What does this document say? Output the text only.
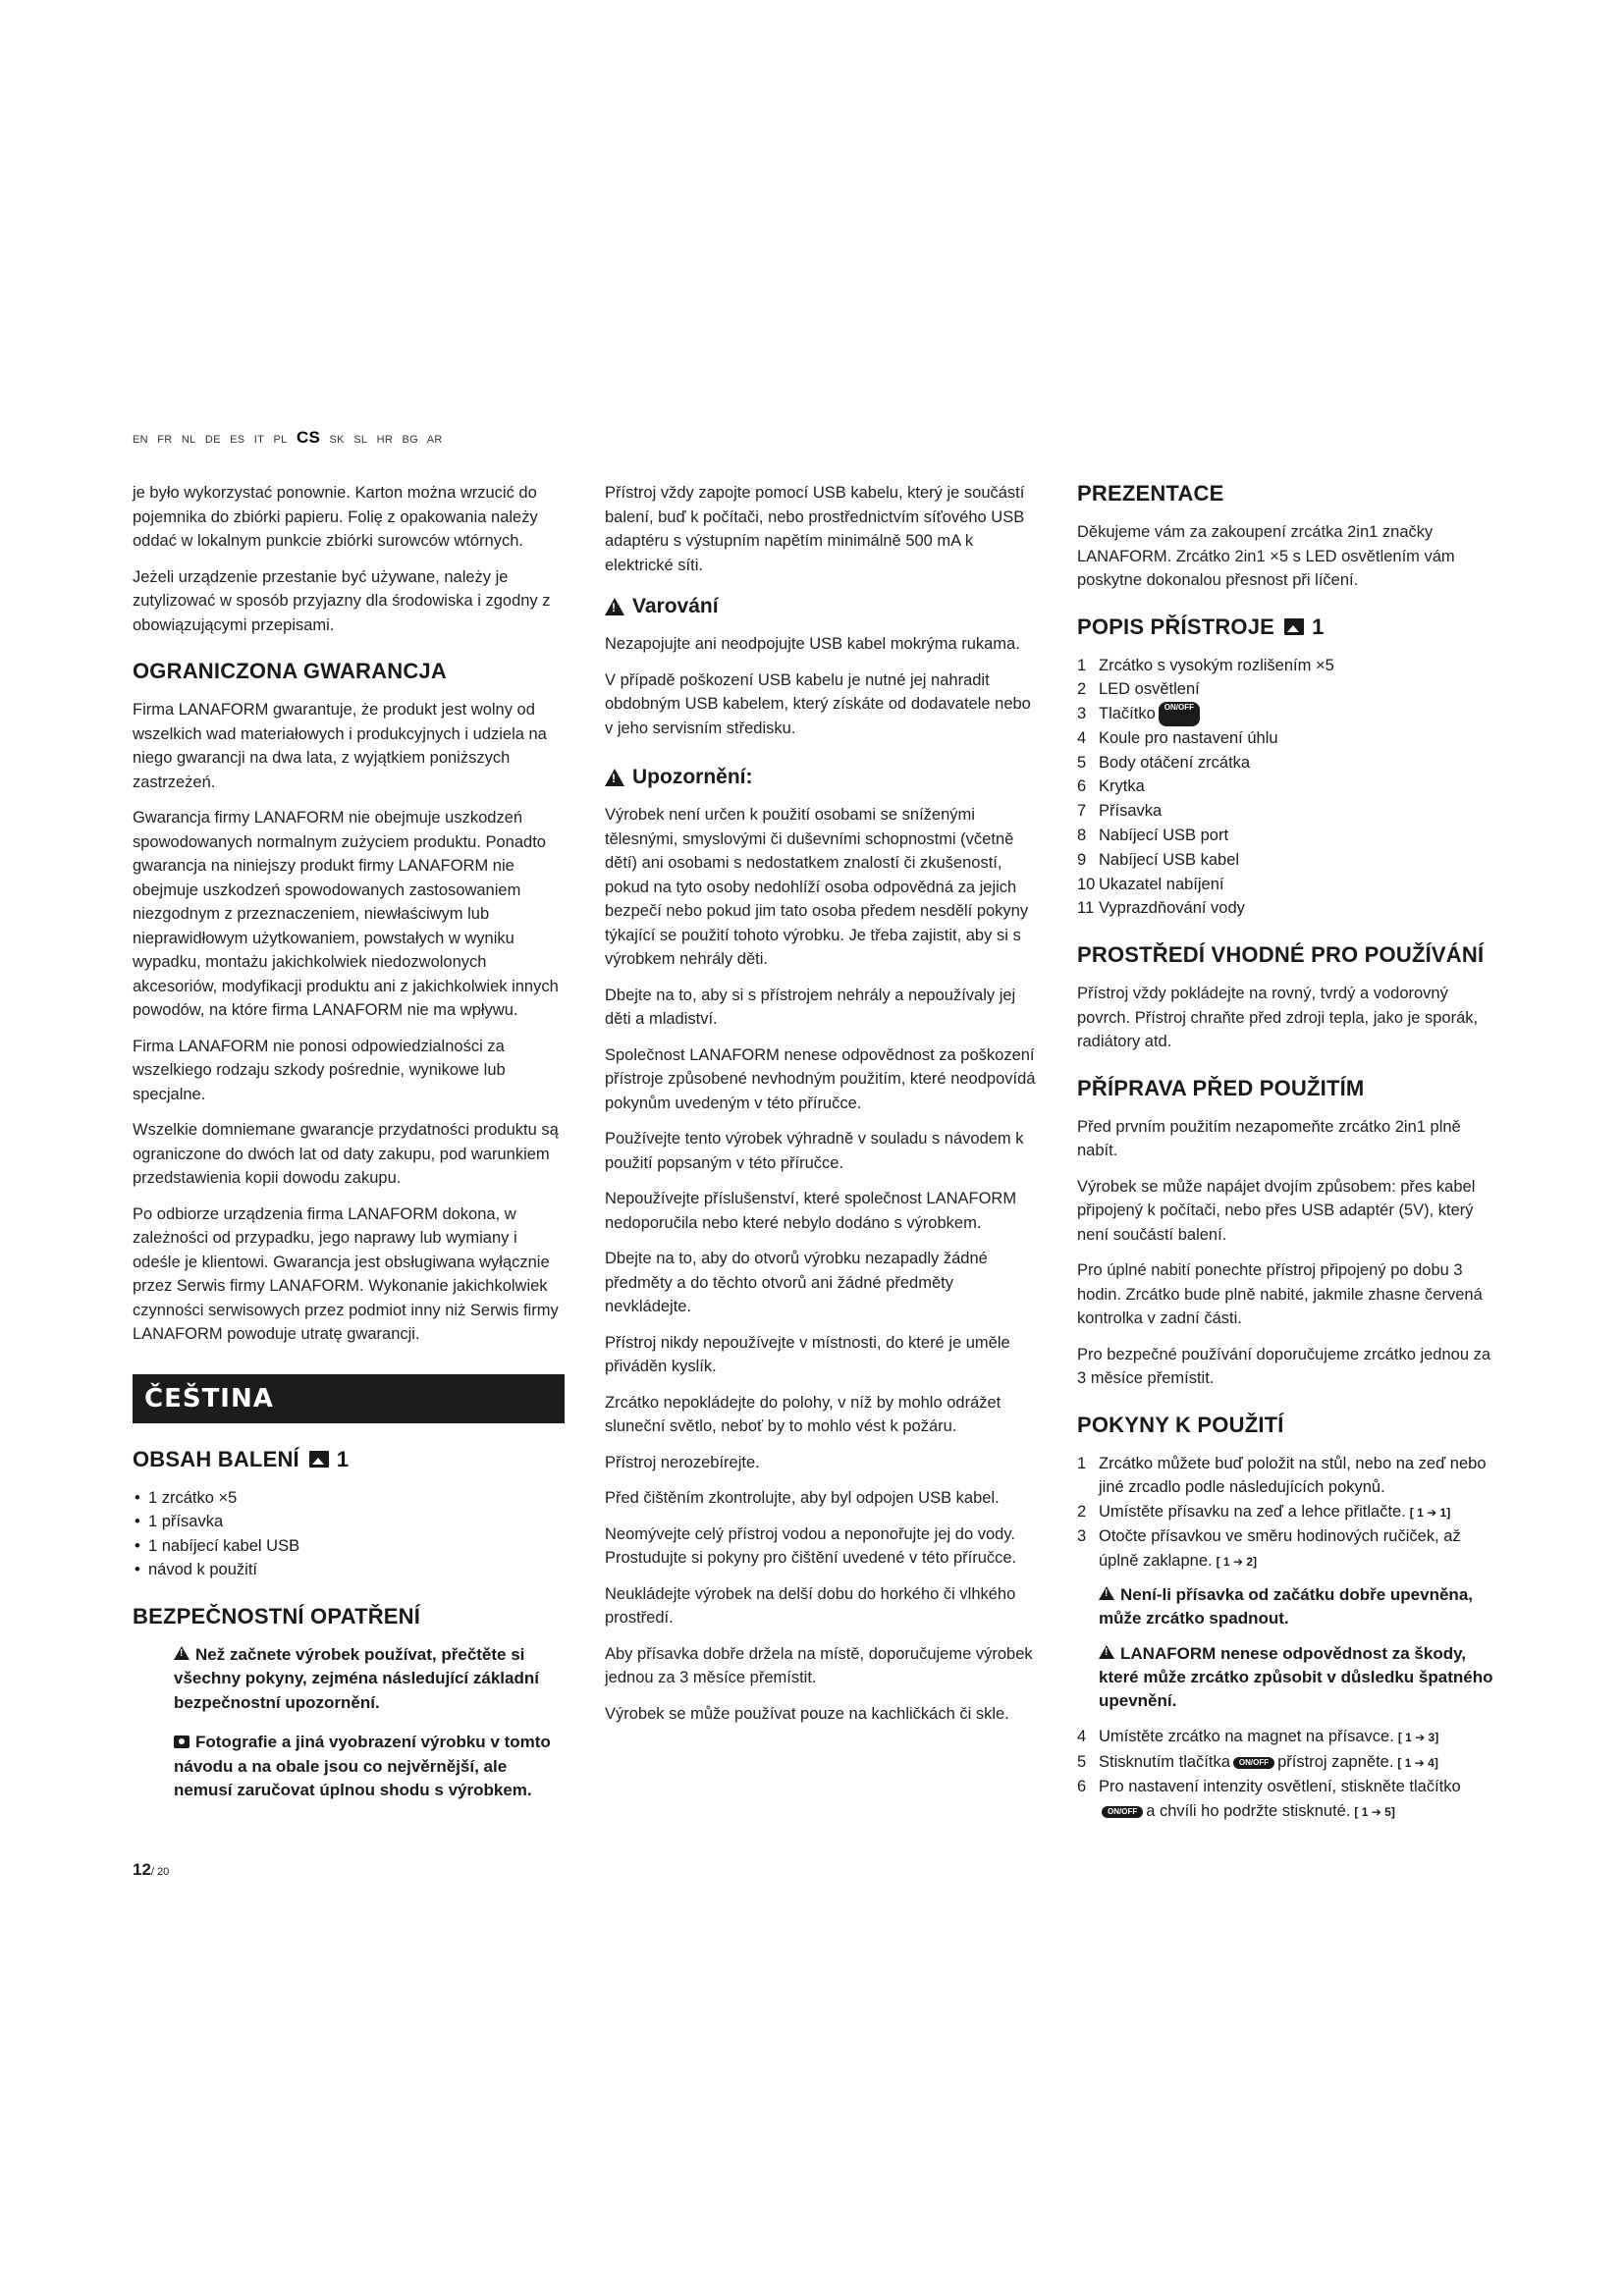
EN FR NL DE ES IT PL CS SK SL HR BG AR

je było wykorzystać ponownie. Karton można wrzucić do pojemnika do zbiórki papieru. Folię z opakowania należy oddać w lokalnym punkcie zbiórki surowców wtórnych.

Jeżeli urządzenie przestanie być używane, należy je zutylizować w sposób przyjazny dla środowiska i zgodny z obowiązującymi przepisami.

OGRANICZONA GWARANCJA

Firma LANAFORM gwarantuje, że produkt jest wolny od wszelkich wad materiałowych i produkcyjnych i udziela na niego gwarancji na dwa lata, z wyjątkiem poniższych zastrzeżeń.

Gwarancja firmy LANAFORM nie obejmuje uszkodzeń spowodowanych normalnym zużyciem produktu. Ponadto gwarancja na niniejszy produkt firmy LANAFORM nie obejmuje uszkodzeń spowodowanych zastosowaniem niezgodnym z przeznaczeniem, niewłaściwym lub nieprawidłowym użytkowaniem, powstałych w wyniku wypadku, montażu jakichkolwiek niedozwolonych akcesoriów, modyfikacji produktu ani z jakichkolwiek innych powodów, na które firma LANAFORM nie ma wpływu.

Firma LANAFORM nie ponosi odpowiedzialności za wszelkiego rodzaju szkody pośrednie, wynikowe lub specjalne.

Wszelkie domniemane gwarancje przydatności produktu są ograniczone do dwóch lat od daty zakupu, pod warunkiem przedstawienia kopii dowodu zakupu.

Po odbiorze urządzenia firma LANAFORM dokona, w zależności od przypadku, jego naprawy lub wymiany i odeśle je klientowi. Gwarancja jest obsługiwana wyłącznie przez Serwis firmy LANAFORM. Wykonanie jakichkolwiek czynności serwisowych przez podmiot inny niż Serwis firmy LANAFORM powoduje utratę gwarancji.

ČEŠTINA
OBSAH BALENÍ 1
• 1 zrcátko ×5
• 1 přísavka
• 1 nabíjecí kabel USB
• návod k použití
BEZPEČNOSTNÍ OPATŘENÍ
!Než začnete výrobek používat, přečtěte si všechny pokyny, zejména následující základní bezpečnostní upozornění.
Fotografie a jiná vyobrazení výrobku v tomto návodu a na obale jsou co nejvěrnější, ale nemusí zaručovat úplnou shodu s výrobkem.

Přístroj vždy zapojte pomocí USB kabelu, který je součástí balení, buď k počítači, nebo prostřednictvím síťového USB adaptéru s výstupním napětím minimálně 500 mA k elektrické síti.

!
Varování

Nezapojujte ani neodpojujte USB kabel mokrýma rukama.

V případě poškození USB kabelu je nutné jej nahradit obdobným USB kabelem, který získáte od dodavatele nebo v jeho servisním středisku.

!
Upozornění:

Výrobek není určen k použití osobami se sníženými tělesnými, smyslovými či duševními schopnostmi (včetně dětí) ani osobami s nedostatkem znalostí či zkušeností, pokud na tyto osoby nedohlíží osoba odpovědná za jejich bezpečí nebo pokud jim tato osoba předem nesdělí pokyny týkající se použití tohoto výrobku. Je třeba zajistit, aby si s výrobkem nehrály děti.

Dbejte na to, aby si s přístrojem nehrály a nepoužívaly jej děti a mladiství.

Společnost LANAFORM nenese odpovědnost za poškození přístroje způsobené nevhodným použitím, které neodpovídá pokynům uvedeným v této příručce.

Používejte tento výrobek výhradně v souladu s návodem k použití popsaným v této příručce.

Nepoužívejte příslušenství, které společnost LANAFORM nedoporučila nebo které nebylo dodáno s výrobkem.

Dbejte na to, aby do otvorů výrobku nezapadly žádné předměty a do těchto otvorů ani žádné předměty nevkládejte.

Přístroj nikdy nepoužívejte v místnosti, do které je uměle přiváděn kyslík.

Zrcátko nepokládejte do polohy, v níž by mohlo odrážet sluneční světlo, neboť by to mohlo vést k požáru.

Přístroj nerozebírejte.

Před čištěním zkontrolujte, aby byl odpojen USB kabel.

Neomývejte celý přístroj vodou a neponořujte jej do vody. Prostudujte si pokyny pro čištění uvedené v této příručce.

Neukládejte výrobek na delší dobu do horkého či vlhkého prostředí.

Aby přísavka dobře držela na místě, doporučujeme výrobek jednou za 3 měsíce přemístit.

Výrobek se může používat pouze na kachličkách či skle.

PREZENTACE

Děkujeme vám za zakoupení zrcátka 2in1 značky LANAFORM. Zrcátko 2in1 ×5 s LED osvětlením vám poskytne dokonalou přesnost při líčení.

POPIS PŘÍSTROJE 1
1 Zrcátko s vysokým rozlišením ×5
2 LED osvětlení
3 Tlačítko	ON/OFF
4 Koule pro nastavení úhlu
5 Body otáčení zrcátka
6 Krytka
7 Přísavka
8 Nabíjecí USB port
9 Nabíjecí USB kabel
10 Ukazatel nabíjení
11 Vyprazdňování vody
PROSTŘEDÍ VHODNÉ PRO POUŽÍVÁNÍ

Přístroj vždy pokládejte na rovný, tvrdý a vodorovný povrch. Přístroj chraňte před zdroji tepla, jako je sporák, radiátory atd.

PŘÍPRAVA PŘED POUŽITÍM

Před prvním použitím nezapomeňte zrcátko 2in1 plně nabít.

Výrobek se může napájet dvojím způsobem: přes kabel připojený k počítači, nebo přes USB adaptér (5V), který není součástí balení.

Pro úplné nabití ponechte přístroj připojený po dobu 3 hodin. Zrcátko bude plně nabité, jakmile zhasne červená kontrolka v zadní části.

Pro bezpečné používání doporučujeme zrcátko jednou za 3 měsíce přemístit.

POKYNY K POUŽITÍ
1 Zrcátko můžete buď položit na stůl, nebo na zeď nebo jiné zrcadlo podle následujících pokynů.
2 Umístěte přísavku na zeď a lehce přitlačte. [ 1 ➔ 1]
3 Otočte přísavkou ve směru hodinových ručiček, až úplně zaklapne. [ 1 ➔ 2]
!Není-li přísavka od začátku dobře upevněna, může zrcátko spadnout.
!LANAFORM nenese odpovědnost za škody, které může zrcátko způsobit v důsledku špatného upevnění.
4 Umístěte zrcátko na magnet na přísavce. [ 1 ➔ 3]
5 Stisknutím tlačítka ON/OFF přístroj zapněte. [ 1 ➔ 4]
6 Pro nastavení intenzity osvětlení, stiskněte tlačítkoON/OFF a chvíli ho podržte stisknuté. [ 1 ➔ 5]
12/ 20
